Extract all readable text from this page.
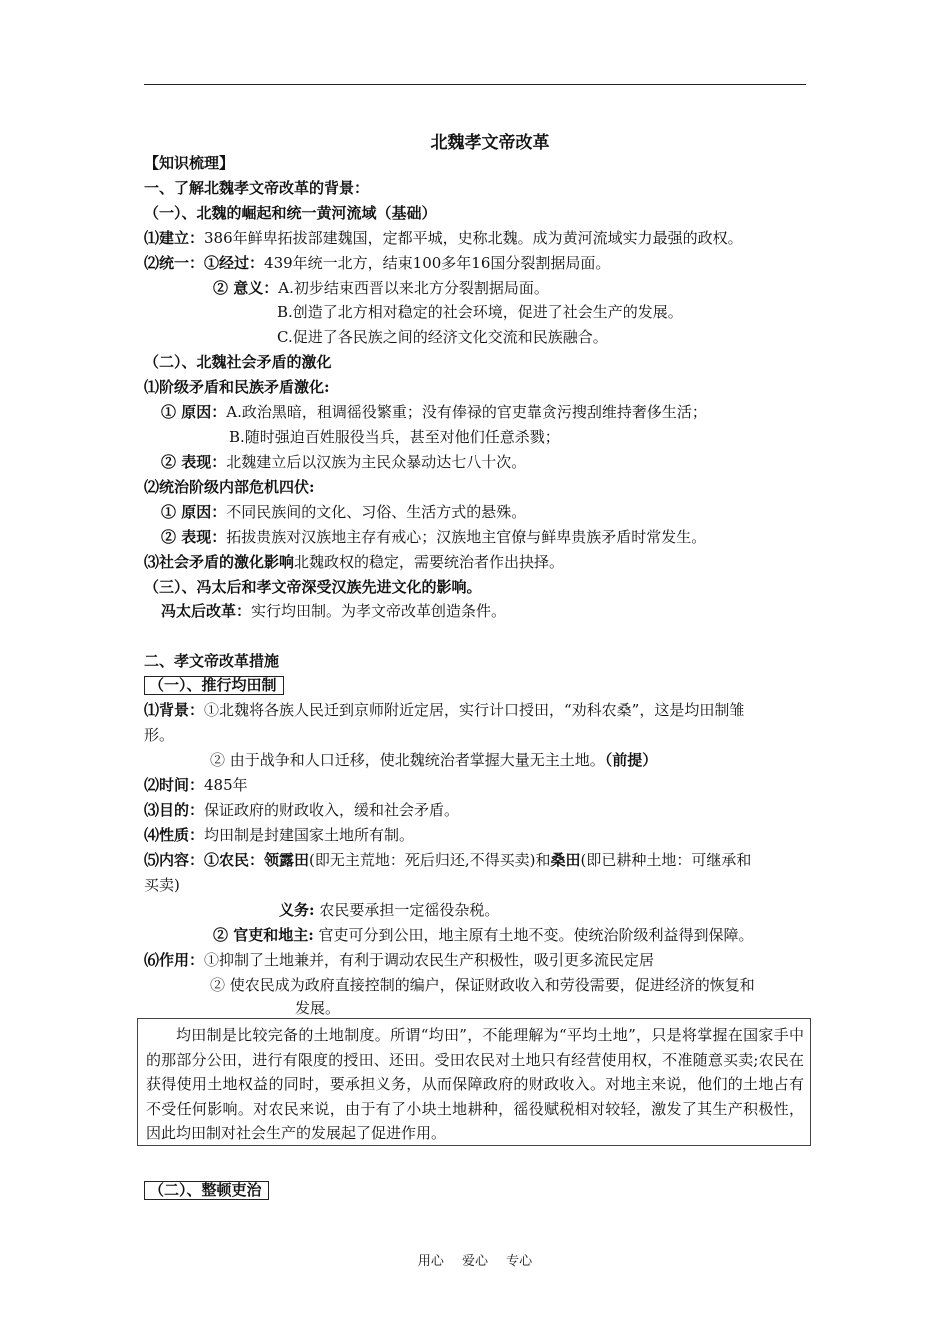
北魏孝文帝改革
【知识梳理】
一、了解北魏孝文帝改革的背景：
（一）、北魏的崛起和统一黄河流域（基础）
⑴建立：386年鲜卑拓拔部建魏国，定都平城，史称北魏。成为黄河流域实力最强的政权。
⑵统一：①经过：439年统一北方，结束100多年16国分裂割据局面。
② 意义：A.初步结束西晋以来北方分裂割据局面。
B.创造了北方相对稳定的社会环境，促进了社会生产的发展。
C.促进了各民族之间的经济文化交流和民族融合。
（二）、北魏社会矛盾的激化
⑴阶级矛盾和民族矛盾激化:
① 原因：A.政治黑暗，租调徭役繁重；没有俸禄的官吏靠贪污搜刮维持奢侈生活；
B.随时强迫百姓服役当兵，甚至对他们任意杀戮；
② 表现：北魏建立后以汉族为主民众暴动达七八十次。
⑵统治阶级内部危机四伏:
① 原因：不同民族间的文化、习俗、生活方式的悬殊。
② 表现：拓拔贵族对汉族地主存有戒心；汉族地主官僚与鲜卑贵族矛盾时常发生。
⑶社会矛盾的激化影响北魏政权的稳定，需要统治者作出抉择。
（三）、冯太后和孝文帝深受汉族先进文化的影响。
冯太后改革：实行均田制。为孝文帝改革创造条件。
二、孝文帝改革措施
（一）、推行均田制
⑴背景：①北魏将各族人民迁到京师附近定居，实行计口授田，“劝科农桑”，这是均田制雏
形。
② 由于战争和人口迁移，使北魏统治者掌握大量无主土地。（前提）
⑵时间：485年
⑶目的：保证政府的财政收入，缓和社会矛盾。
⑷性质：均田制是封建国家土地所有制。
⑸内容：①农民：领露田(即无主荒地：死后归还,不得买卖)和桑田(即已耕种土地：可继承和
买卖)
义务: 农民要承担一定徭役杂税。
② 官吏和地主: 官吏可分到公田，地主原有土地不变。使统治阶级利益得到保障。
⑹作用：①抑制了土地兼并，有利于调动农民生产积极性，吸引更多流民定居
② 使农民成为政府直接控制的编户，保证财政收入和劳役需要，促进经济的恢复和
发展。
均田制是比较完备的土地制度。所谓“均田”，不能理解为“平均土地”，只是将掌握在国家手中的那部分公田，进行有限度的授田、还田。受田农民对土地只有经营使用权，不准随意买卖;农民在获得使用土地权益的同时，要承担义务，从而保障政府的财政收入。对地主来说，他们的土地占有不受任何影响。对农民来说，由于有了小块土地耕种，徭役赋税相对较轻，激发了其生产积极性，因此均田制对社会生产的发展起了促进作用。
（二）、整顿吏治
用心 爱心 专心
